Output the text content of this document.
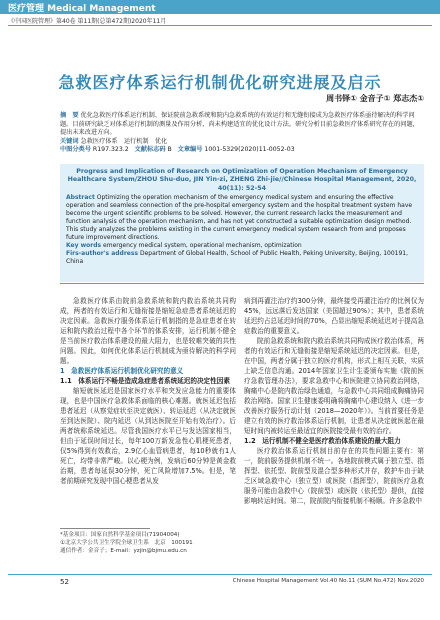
医疗管理 Medical Management
《中国医院管理》第40卷 第11期(总第472期)2020年11月
急救医疗体系运行机制优化研究进展及启示
周书铎① 金音子① 郑志杰①
摘　要 优化急救医疗体系运行机制、保证院前急救系统和院内急救系统的有效运行和无缝衔接成为急救医疗体系亟待解决的科学问题。目前研究缺乏对体系运行机制的测量及作用分析，尚未构建适宜的优化设计方法。研究分析目前急救医疗体系研究存在的问题，提出未来改进方向。
关键词 急救医疗体系　运行机制　优化
中图分类号 R197.323.2 文献标志码 B 文章编号 1001-5329(2020)11-0052-03
Progress and Implication of Research on Optimization of Operation Mechanism of Emergency Healthcare System/ZHOU Shu-duo, JIN Yin-zi, ZHENG Zhi-jie//Chinese Hospital Management, 2020, 40(11): 52-54
Abstract Optimizing the operation mechanism of the emergency medical system and ensuring the effective operation and seamless connection of the pre-hospital emergency system and the hospital treatment system have become the urgent scientific problems to be solved. However, the current research lacks the measurement and function analysis of the operation mechanism, and has not yet constructed a suitable optimization design method. This study analyzes the problems existing in the current emergency medical system research from and proposes future improvement directions.
Key words emergency medical system, operational mechanism, optimization
Firs-author's address Department of Global Health, School of Public Health, Peking University, Beijing, 100191, China
急救医疗体系由院前急救系统和院内救治系统共同构成，两者的有效运行和无缝衔接是缩短急症患者系统延迟的决定因素。急救医疗服务体系运行机制指的是急症患者在转运和院内救治过程中各个环节的体系安排，运行机制不健全是当前医疗救治体系建设的最大阻力，也是较难突破的共性问题。因此，如何优化体系运行机制成为亟待解决的科学问题。
1　急救医疗体系运行机制优化研究的意义
1.1　体系运行不畅是造成急症患者系统延迟的决定性因素
缩短就医延迟是国家医疗水平和突发应急能力的重要体现，也是中国医疗急救体系面临的核心难题。就医延迟包括患者延迟（从察觉症状至决定就医）、转运延迟（从决定就医至到达医院）、院内延迟（从到达医院至开始有效治疗）。后两者统称系统延迟。尽管我国医疗水平已与发达国家相当，但由于延误时间过长，每年100万新发急性心肌梗死患者，仅5%得到有效救治，2.9亿心血管病患者，每10秒就有1人死亡，均带非常严峻。以心梗为例，发病后60分钟是黄金救治期，患者每延误30分钟，死亡风险增加7.5%。但是，笔者前期研究发现中国心梗患者从发
*基金项目：国家自然科学基金项目(71904004)
①北京大学公共卫生学院全球卫生系　北京　100191
通信作者：金音子；E-mail：yzjin@bjmu.edu.cn
病到再灌注治疗约300分钟，最终接受再灌注治疗的比例仅为45%，远远落后发达国家（美国超过90%）；其中，患者系统延迟约占总延迟时间的70%，凸显出缩短系统延迟对于提高急症救治的重要意义。
院前急救系统和院内救治系统共同构成医疗救治体系，两者的有效运行和无缝衔接是缩短系统延迟的决定因素。但是，在中国，两者分属于独立的医疗机构，形式上相互关联，实质上缺乏信息沟通。2014年国家卫生计生委颁布实施《院前医疗急救管理办法》，要求急救中心和医院建立协同救治网络，胸痛中心是院内救治绿色通道，与急救中心共同组成胸痛协同救治网络。国家卫生健康委明确将胸痛中心建设纳入《进一步改善医疗服务行动计划（2018—2020年）》。当前首要任务是建立有效的医疗救治体系运行机制，让患者从决定就医起在最短时间内被转运至最适宜的医院接受最有效的治疗。
1.2　运行机制不健全是医疗救治体系建设的最大阻力
医疗救治体系运行机制目前存在的共性问题主要有：第一，院前服务提供机制不统一。各地院前模式属于独立型、指挥型、依托型、院前型及混合型多种形式并存，救护车由于缺乏区域急救中心（独立型）或医院（指挥型），院前医疗急救服务可能由急救中心（院前型）或医院（依托型）提供，直接影响转运时间。第二，院前院内衔接机制不畅顺。许多急救中
52	Chinese Hospital Management Vol.40 No.11 (SUM No.472) Nov.2020
